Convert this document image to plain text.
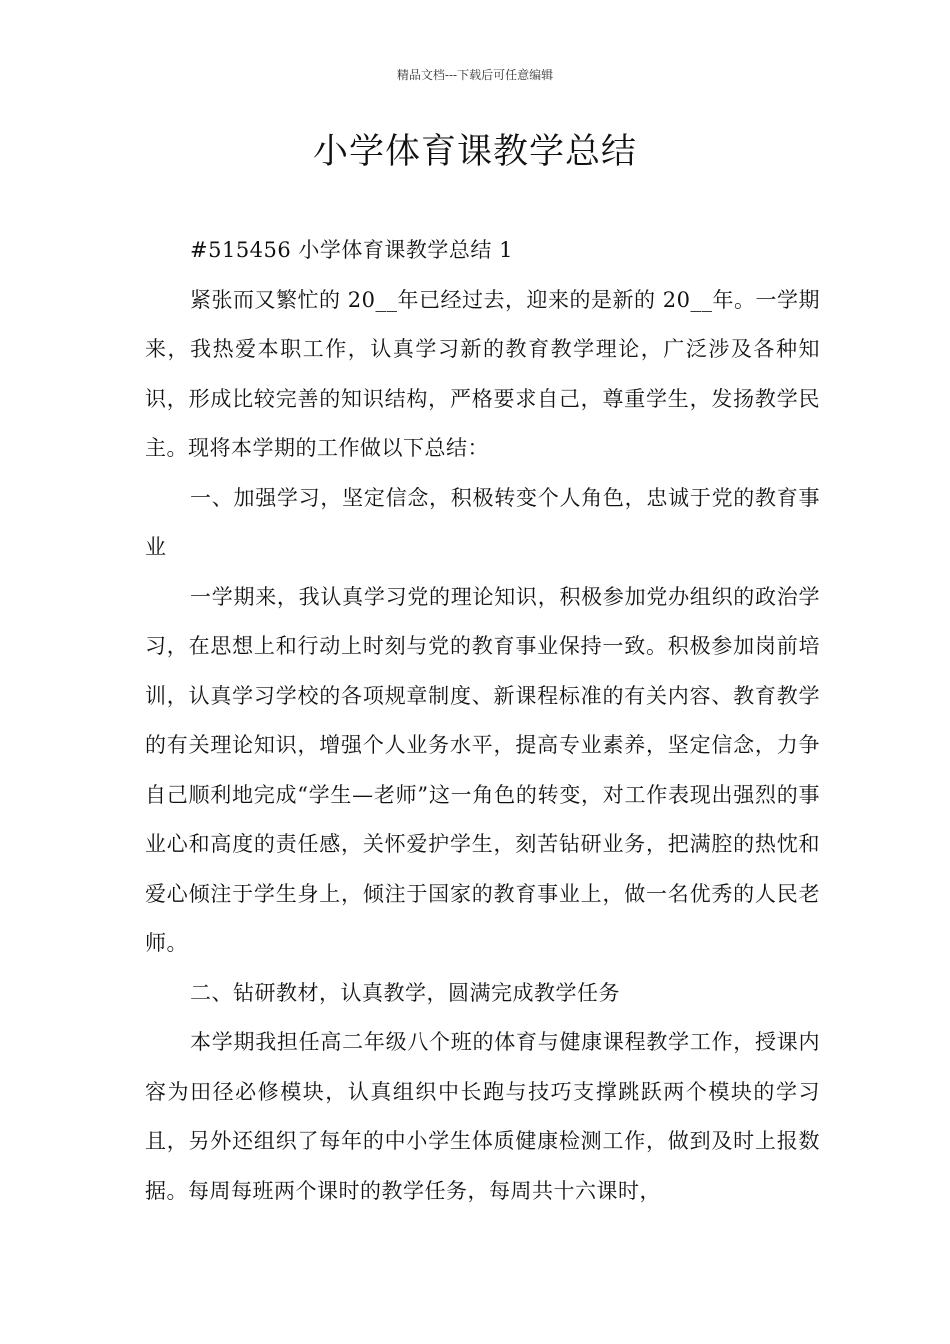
精品文档---下载后可任意编辑
小学体育课教学总结

#515456 小学体育课教学总结 1

紧张而又繁忙的 20__年已经过去，迎来的是新的 20__年。一学期来，我热爱本职工作，认真学习新的教育教学理论，广泛涉及各种知识，形成比较完善的知识结构，严格要求自己，尊重学生，发扬教学民主。现将本学期的工作做以下总结：

一、加强学习，坚定信念，积极转变个人角色，忠诚于党的教育事业

一学期来，我认真学习党的理论知识，积极参加党办组织的政治学习，在思想上和行动上时刻与党的教育事业保持一致。积极参加岗前培训，认真学习学校的各项规章制度、新课程标准的有关内容、教育教学的有关理论知识，增强个人业务水平，提高专业素养，坚定信念，力争自己顺利地完成“学生—老师”这一角色的转变，对工作表现出强烈的事业心和高度的责任感，关怀爱护学生，刻苦钻研业务，把满腔的热忱和爱心倾注于学生身上，倾注于国家的教育事业上，做一名优秀的人民老师。

二、钻研教材，认真教学，圆满完成教学任务

本学期我担任高二年级八个班的体育与健康课程教学工作，授课内容为田径必修模块，认真组织中长跑与技巧支撑跳跃两个模块的学习且，另外还组织了每年的中小学生体质健康检测工作，做到及时上报数据。每周每班两个课时的教学任务，每周共十六课时，
